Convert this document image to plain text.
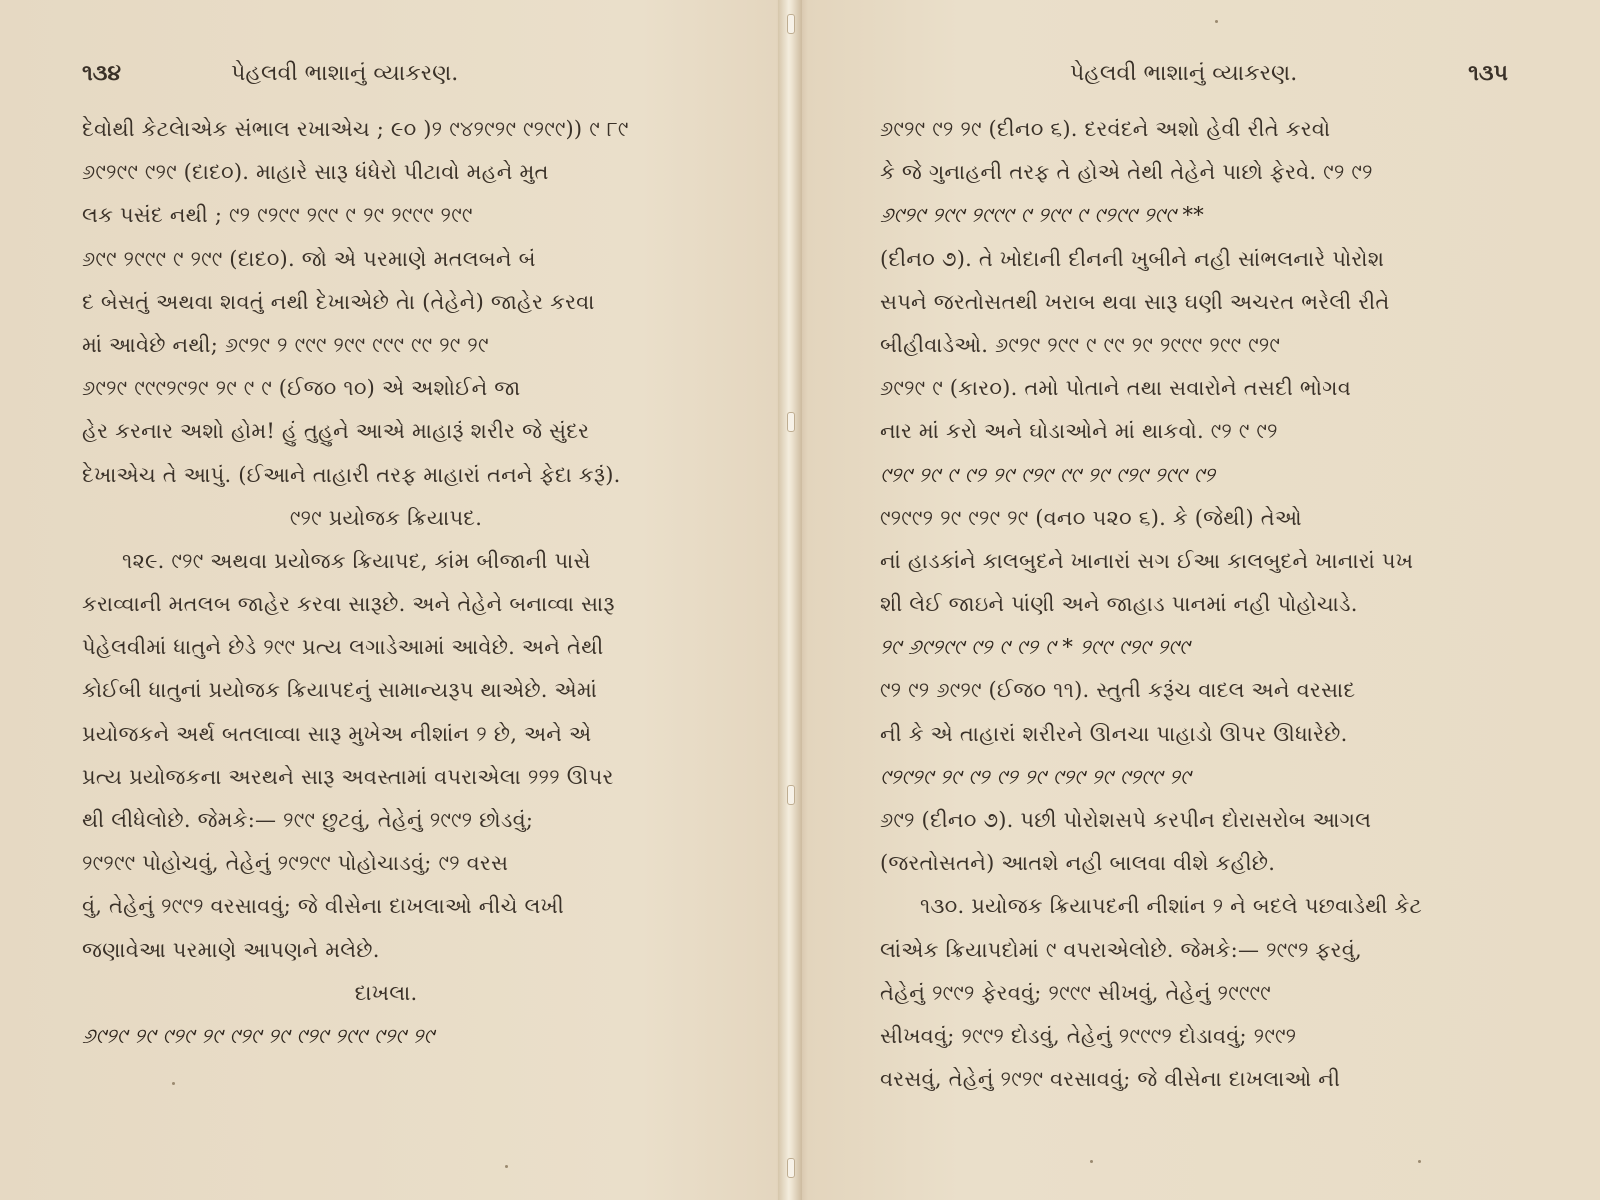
૧૩૪	પેહલવી ભાશાનું વ્યાકરણ.
દેવોથી કેટલેાએક સંભાલ રખાએચ ; ૯૦ )୨ ୯୪୨୯୨୯ ୯୨୯୯)) ୯ ୮୯
୬୯୨୯୯ ୯୨୯ (દાદ૦). માહારે સારૂ ધંધેરો પીટાવો મહને મુત
લક પસંદ નથી ; ୯୨ ୯୨୯୯ ୨୯୯ ୯ ୨୯ ୨୯୯୯ ୨୯୯
୬୯୯ ୨୯୯୯ ୯ ୨୯୯ (દાદ૦). જો એ પરમાણે મતલબને બં
દ બેસતું અથવા શવતું નથી દેખાએછે તેા (તેહેને) જાહેર કરવા
માં આવેછે નથી; ୬୯୨୯ ୨ ୯୯୯ ୨୯୯ ୯୯୯ ୯୯ ୨୯ ୨୯
୬୯୨୯ ୯୯୯୨୯୨୯ ୨୯ ୯ ୯ (ઈજ૦ ૧૦) એ અશોઈને જા
હેર કરનાર અશો હોમ! હું તુહુને આએ માહારૂં શરીર જે સુંદર
દેખાએચ તે આપું. (ઈઆને તાહારી તરફ માહારાં તનને ફેદા કરૂં).
୯୨୯ પ્રયોજક ક્રિયાપદ.
૧૨૯. ୯୨୯ અથવા પ્રયોજક ક્રિયાપદ, કાંમ બીજાની પાસે
કરાવ્વાની મતલબ જાહેર કરવા સારૂછે. અને તેહેને બનાવ્વા સારૂ
પેહેલવીમાં ધાતુને છેડે ୨୯୯ પ્રત્ય લગાડેઆમાં આવેછે. અને તેથી
કોઈબી ધાતુનાં પ્રયોજક ક્રિયાપદનું સામાન્યરૂપ થાએછે. એમાં
પ્રયોજકને અર્થ બતલાવ્વા સારૂ મુખેઅ નીશાંન ୨ છે, અને એ
પ્રત્ય પ્રયોજકના અરથને સારૂ અવસ્તામાં વપરાએલા ୨୨୨ ઊપર
થી લીધેલોછે. જેમકે:— ୨୯୯ છુટવું, તેહેનું ୨୯୯୨ છોડવું;
୨୯୨୯୯ પોહોચવું, તેહેનું ୨୯୨୯୯ પોહોચાડવું; ୯୨ વરસ
વું, તેહેનું ୨୯୯୨ વરસાવવું; જે વીસેના દાખલાઓ નીચે લખી
જણાવેઆ પરમાણે આપણને મલેછે.
દાખલા.
୬୯୨୯ ୨୯ ୯୨୯ ୨୯ ୯୨୯ ୨୯ ୯୨୯ ୨୯୯ ୯୨୯ ୨୯
પેહલવી ભાશાનું વ્યાકરણ.	૧૩૫
୬୯୨୯ ୯୨ ୨୯ (દીન૦ ૬). દરવંદને અશો હેવી રીતે કરવો
કે જે ગુનાહની તરફ તે હોએ તેથી તેહેને પાછો ફેરવે. ୯୨ ୯୨
୬୯୨୯ ୨୯୯ ୨୯୯୯ ୯ ୨୯୯ ୯ ୯୨୯୯ ୨୯୯ **
(દીન૦ ૭). તે ખોદાની દીનની ખુબીને નહી સાંભલનારે પોરોશ
સપને જરતોસતથી ખરાબ થવા સારૂ ઘણી અચરત ભરેલી રીતે
બીહીવાડેઓ. ୬୯୨୯ ୨୯୯ ୯ ୯୯ ୨୯ ୨୯୯୯ ୨୯୯ ୯୨୯
୬୯୨୯ ୯ (કાર૦). તમો પોતાને તથા સવારોને તસદી ભોગવ
નાર માં કરો અને ઘોડાઓને માં થાકવો. ୯୨ ୯ ୯୨
୯୨୯ ୨୯ ୯ ୯୨ ୨୯ ୯୨୯ ୯୯ ୨୯ ୯୨୯ ୨୯୯ ୯୨
୯୨୯୯୨ ୨୯ ୯୨୯ ୨୯ (વન૦ ૫૨૦ ૬). કે (જેથી) તેઓ
નાં હાડકાંને કાલબુદને ખાનારાં સગ ઈઆ કાલબુદને ખાનારાં પખ
શી લેઈ જાઇને પાંણી અને જાહાડ પાનમાં નહી પોહોચાડે.
୨୯ ୬୯୨୯୯ ୯୨ ୯ ୯୨ ୯ * ୨୯୯ ୯୨୯ ୨୯୯
୯୨ ୯୨ ୬୯୨୯ (ઈજ૦ ૧૧). સ્તુતી કરૂંચ વાદલ અને વરસાદ
ની કે એ તાહારાં શરીરને ઊનચા પાહાડો ઊપર ઊધારેછે.
୯୨୯୨୯ ୨୯ ୯୨ ୯୨ ୨୯ ୯୨୯ ୨୯ ୯୨୯୯ ୨୯
୬୯୨ (દીન૦ ૭). પછી પોરોશસપે કરપીન દોરાસરોબ આગલ
(જરતોસતને) આતશે નહી બાલવા વીશે કહીછે.
૧૩૦. પ્રયોજક ક્રિયાપદની નીશાંન ୨ ને બદલે પછવાડેથી કેટ
લાંએક ક્રિયાપદોમાં ୯ વપરાએલોછે. જેમકે:— ୨୯୯୨ ફરવું,
તેહેનું ୨୯୯୨ ફેરવવું; ୨୯୯୯ સીખવું, તેહેનું ୨୯୯୯୯
સીખવવું; ୨୯୯୨ દોડવું, તેહેનું ୨୯୯୯୨ દોડાવવું; ୨୯୯୨
વરસવું, તેહેનું ୨୯୨୯ વરસાવવું; જે વીસેના દાખલાઓ ની
